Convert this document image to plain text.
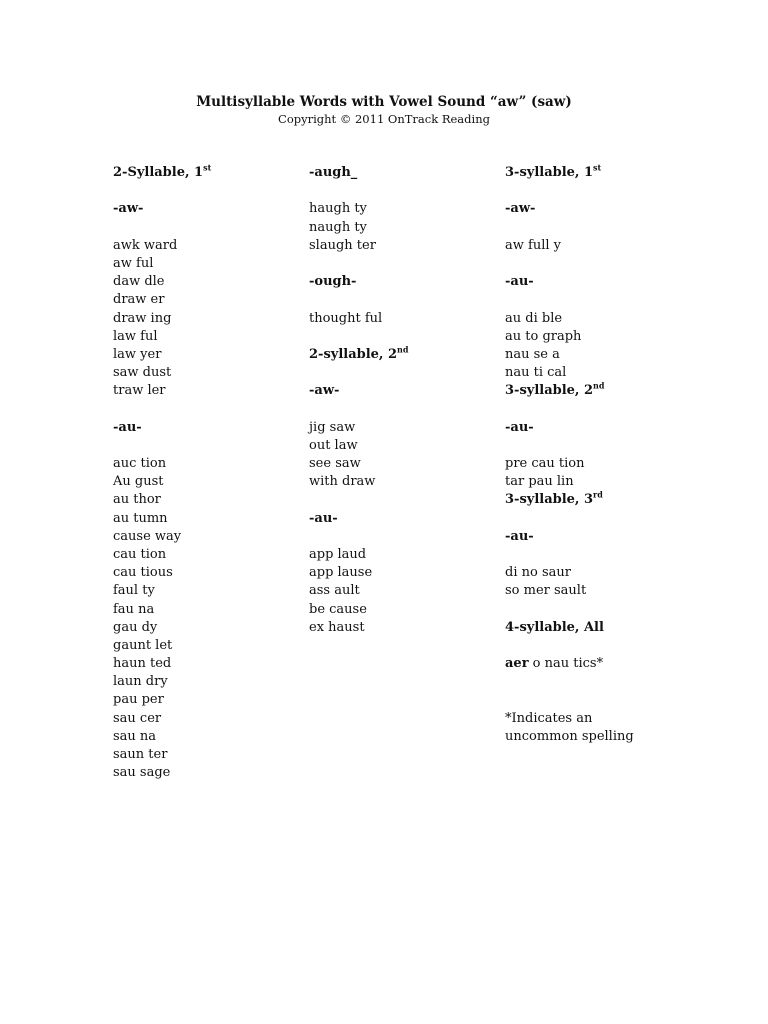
Multisyllable Words with Vowel Sound “aw” (saw)
Copyright © 2011 OnTrack Reading
2-Syllable, 1st
-aw-
awk ward
aw ful
daw dle
draw er
draw ing
law ful
law yer
saw dust
traw ler
-au-
auc tion
Au gust
au thor
au tumn
cause way
cau tion
cau tious
faul ty
fau na
gau dy
gaunt let
haun ted
laun dry
pau per
sau cer
sau na
saun ter
sau sage
-augh_
haugh ty
naugh ty
slaugh ter
-ough-
thought ful
2-syllable, 2nd
-aw-
jig saw
out law
see saw
with draw
-au-
app laud
app lause
ass ault
be cause
ex haust
3-syllable, 1st
-aw-
aw full y
-au-
au di ble
au to graph
nau se a
nau ti cal
3-syllable, 2nd
-au-
pre cau tion
tar pau lin
3-syllable, 3rd
-au-
di no saur
so mer sault
4-syllable, All
aer o nau tics*
*Indicates an
uncommon spelling
